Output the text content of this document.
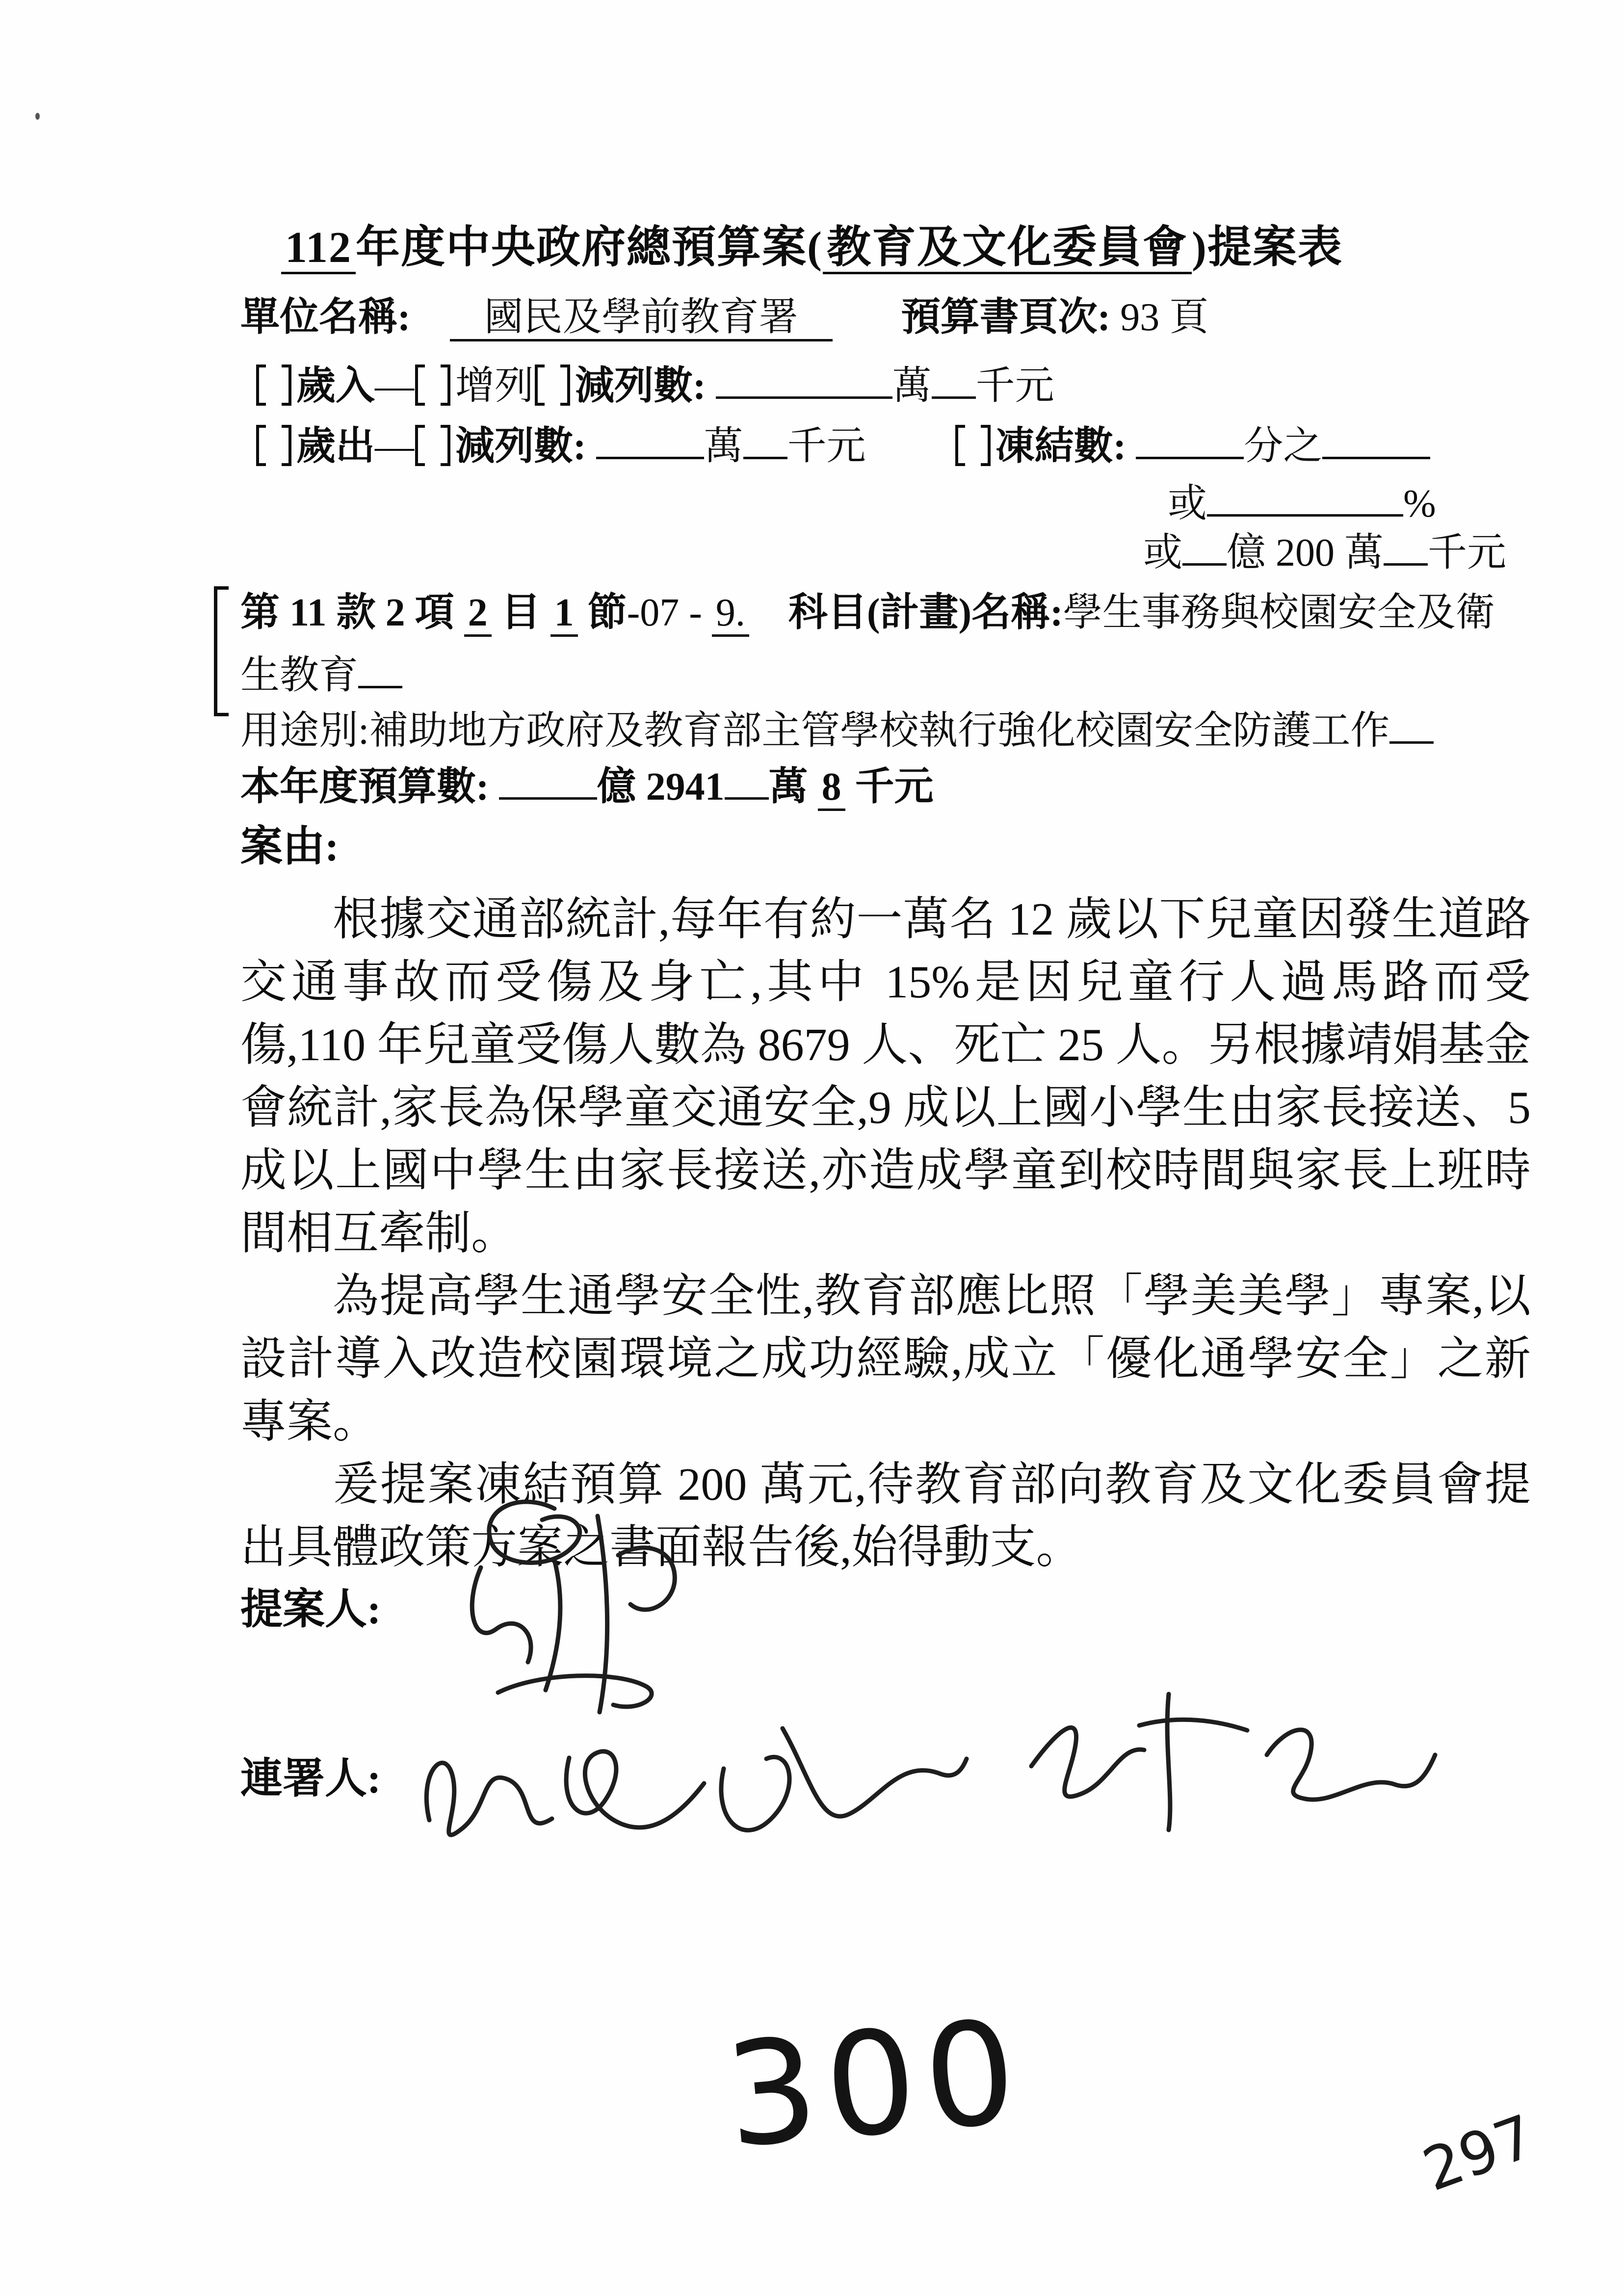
112年度中央政府總預算案(教育及文化委員會)提案表
單位名稱: 國民及學前教育署	預算書頁次: 93 頁
歲入— 增列 減列數:	萬 千元
歲出— 減列數:	萬 千元	凍結數:	分之
或	%
或 億 200 萬 千元
第 11 款 2 項 2 目 1 節-07 - 9. 科目(計畫)名稱:學生事務與校園安全及衛生教育
用途別:補助地方政府及教育部主管學校執行強化校園安全防護工作
本年度預算數:	億 2941 萬 8 千元
案由:

根據交通部統計,每年有約一萬名 12 歲以下兒童因發生道路交通事故而受傷及身亡,其中 15%是因兒童行人過馬路而受傷,110 年兒童受傷人數為 8679 人、死亡 25 人。另根據靖娟基金會統計,家長為保學童交通安全,9 成以上國小學生由家長接送、5 成以上國中學生由家長接送,亦造成學童到校時間與家長上班時間相互牽制。

為提高學生通學安全性,教育部應比照「學美美學」專案,以設計導入改造校園環境之成功經驗,成立「優化通學安全」之新專案。

爰提案凍結預算 200 萬元,待教育部向教育及文化委員會提出具體政策方案之書面報告後,始得動支。

提案人:
連署人:
300	297
